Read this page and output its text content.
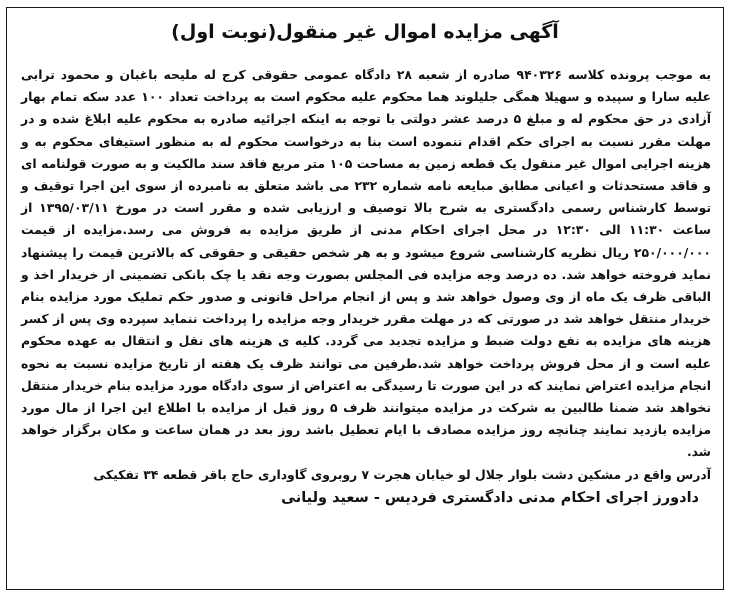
آگهی مزایده اموال غیر منقول(نوبت اول)

به موجب پرونده کلاسه ۹۴۰۳۲۶ صادره از شعبه ۲۸ دادگاه عمومی حقوقی کرج له ملیحه باغبان و محمود ترابی علیه سارا و سپیده و سهیلا همگی جلیلوند هما محکوم علیه محکوم است به پرداخت تعداد ۱۰۰ عدد سکه تمام بهار آزادی در حق محکوم له و مبلغ ۵ درصد عشر دولتی با توجه به اینکه اجرائیه صادره به محکوم علیه ابلاغ شده و در مهلت مقرر نسبت به اجرای حکم اقدام ننموده است بنا به درخواست محکوم له به منظور استیفای محکوم به و هزینه اجرایی اموال غیر منقول یک قطعه زمین به مساحت ۱۰۵ متر مربع فاقد سند مالکیت و به صورت قولنامه ای و فاقد مستحدثات و اعیانی مطابق مبایعه نامه شماره ۲۳۲ می باشد متعلق به نامبرده از سوی این اجرا توقیف و توسط کارشناس رسمی دادگستری به شرح بالا توصیف و ارزیابی شده و مقرر است در مورخ ۱۳۹۵/۰۳/۱۱ از ساعت ۱۱:۳۰ الی ۱۲:۳۰ در محل اجرای احکام مدنی از طریق مزایده به فروش می رسد.مزایده از قیمت ۲۵۰/۰۰۰/۰۰۰ ریال نظریه کارشناسی شروع میشود و به هر شخص حقیقی و حقوقی که بالاترین قیمت را پیشنهاد نماید فروخته خواهد شد. ده درصد وجه مزایده فی المجلس بصورت وجه نقد یا چک بانکی تضمینی از خریدار اخذ و الباقی ظرف یک ماه از وی وصول خواهد شد و پس از انجام مراحل قانونی و صدور حکم تملیک مورد مزایده بنام خریدار منتقل خواهد شد در صورتی که در مهلت مقرر خریدار وجه مزایده را پرداخت ننماید سپرده وی پس از کسر هزینه های مزایده به نفع دولت ضبط و مزایده تجدید می گردد. کلیه ی هزینه های نقل و انتقال به عهده محکوم علیه است و از محل فروش پرداخت خواهد شد.طرفین می توانند ظرف یک هفته از تاریخ مزایده نسبت به نحوه انجام مزایده اعتراض نمایند که در این صورت تا رسیدگی به اعتراض از سوی دادگاه مورد مزایده بنام خریدار منتقل نخواهد شد ضمنا طالبین به شرکت در مزایده میتوانند ظرف ۵ روز قبل از مزایده با اطلاع این اجرا از مال مورد مزایده بازدید نمایند چنانچه روز مزایده مصادف با ایام تعطیل باشد روز بعد در همان ساعت و مکان برگزار خواهد شد.

آدرس واقع در مشکین دشت بلوار جلال لو خیابان هجرت ۷ روبروی گاوداری حاج باقر قطعه ۳۴ تفکیکی

دادورز اجرای احکام مدنی دادگستری فردیس - سعید ولیانی
